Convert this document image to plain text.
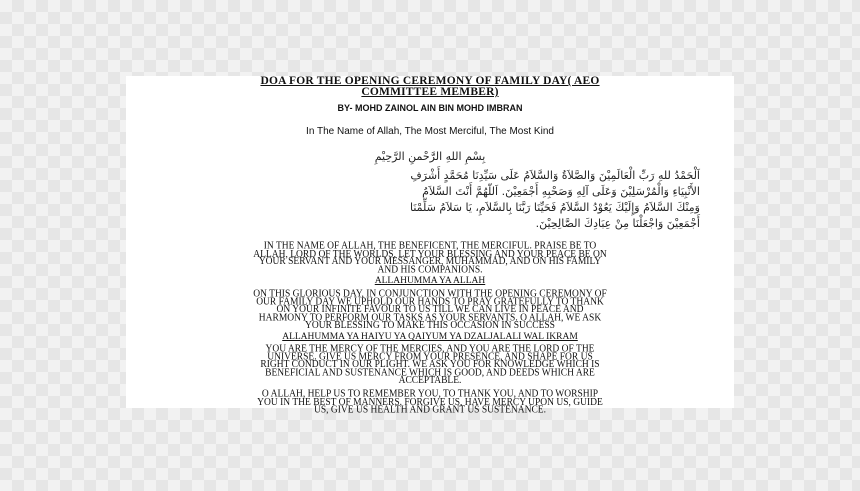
DOA FOR THE OPENING CEREMONY OF FAMILY DAY( AEO
COMMITTEE MEMBER)
BY- MOHD ZAINOL AIN BIN MOHD IMBRAN
In The Name of Allah, The Most Merciful, The Most Kind
بِسْمِ اللهِ الرَّحْمنِ الرَّحِيْمِ
اَلْحَمْدُ للهِ رَبِّ الْعَالَمِيْنَ وَالصَّلاَةُ وَالسَّلاَمُ عَلَى سَيِّدِنَا مُحَمَّدٍ أَشْرَفِ
الأَنْبِيَاءِ وَالْمُرْسَلِيْنَ وَعَلَى آلِهِ وَصَحْبِهِ أَجْمَعِيْنَ. اَللّهُمَّ أَنْتَ السَّلاَمُ
وَمِنْكَ السَّلاَمُ وَإِلَيْكَ يَعُوْدُ السَّلاَمُ فَحَيِّنَا رَبَّنَا بِالسَّلاَمِ، يَا سَلاَمُ سَلِّمْنَا
أَجْمَعِيْنَ وَاجْعَلْنَا مِنْ عِبَادِكَ الصَّالِحِيْنَ.
IN THE NAME OF ALLAH, THE BENEFICENT, THE MERCIFUL. PRAISE BE TO
ALLAH, LORD OF THE WORLDS, LET YOUR BLESSING AND YOUR PEACE BE ON
YOUR SERVANT AND YOUR MESSANGER, MUHAMMAD, AND ON HIS FAMILY
AND HIS COMPANIONS.
ALLAHUMMA YA ALLAH
ON THIS GLORIOUS DAY, IN CONJUNCTION WITH THE OPENING CEREMONY OF
OUR FAMILY DAY WE UPHOLD OUR HANDS TO PRAY GRATEFULLY TO THANK
ON YOUR INFINITE FAVOUR TO US TILL WE CAN LIVE IN PEACE AND
HARMONY TO PERFORM OUR TASKS AS YOUR SERVANTS. O ALLAH, WE ASK
YOUR BLESSING TO MAKE THIS OCCASION IN SUCCESS
ALLAHUMMA YA HAIYU YA QAIYUM YA DZALJALALI WAL IKRAM
YOU ARE THE MERCY OF THE MERCIES, AND YOU ARE THE LORD OF THE
UNIVERSE. GIVE US MERCY FROM YOUR PRESENCE, AND SHAPE FOR US
RIGHT CONDUCT IN OUR PLIGHT. WE ASK YOU FOR KNOWLEDGE WHICH IS
BENEFICIAL AND SUSTENANCE WHICH IS GOOD, AND DEEDS WHICH ARE
ACCEPTABLE.
O ALLAH, HELP US TO REMEMBER YOU, TO THANK YOU, AND TO WORSHIP
YOU IN THE BEST OF MANNERS. FORGIVE US, HAVE MERCY UPON US, GUIDE
US, GIVE US HEALTH AND GRANT US SUSTENANCE.
